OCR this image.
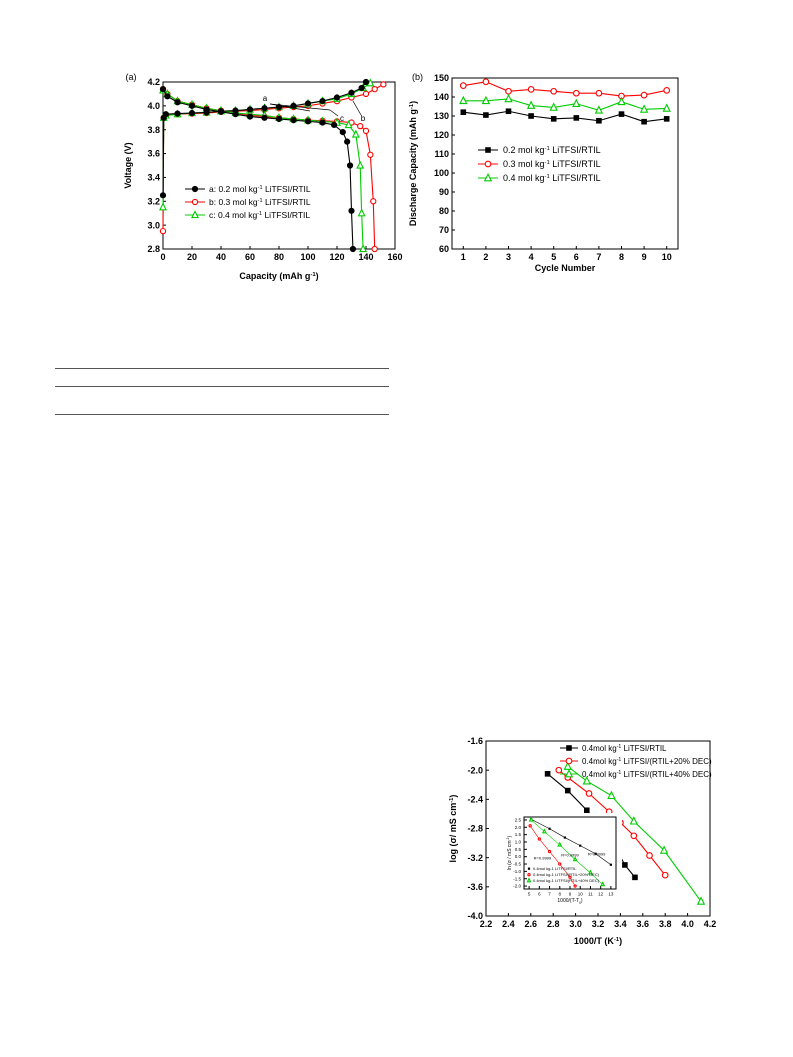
0 20 40 60 80 100 120 140 160
2.8
3.0
3.2
3.4
3.6
3.8
4.0
4.2
(a)
Capacity (mAh $g^{-1}$)
Voltage (V)
a
c b
a: 0.2 mol $kg^{-1}$ LiTFSI/RTIL
b: 0.3 mol $kg^{-1}$ LiTFSI/RTIL
c: 0.4 mol $kg^{-1}$ LiTFSI/RTIL
1 2 3 4 5 6 7 8 9 10
60
70
80
90
100
110
120
130
140
150
(b)
Cycle Number
Discharge Capacity (mAh $g^{-1}$)
0.2 mol $kg^{-1}$ LiTFSI/RTIL
0.3 mol $kg^{-1}$ LiTFSI/RTIL
0.4 mol $kg^{-1}$ LiTFSI/RTIL
2.2 2.4 2.6 2.8 3.0 3.2 3.4 3.6 3.8 4.0 4.2
-1.6
-2.0
-2.4
-2.8
-3.2
-3.6
-4.0
1000/T $(K^{-1})$
log (σ/ mS $cm^{-1}$)
0.4mol $kg^{-1}$ LiTFSI/RTIL
0.4mol $kg^{-1}$ LiTFSI/(RTIL+20% DEC)
0.4mol $kg^{-1}$ LiTFSI/(RTIL+40% DEC)
5 6 7 8 9 10 11 12 13
2.5
2.0
1.5
1.0
0.5
0.0
-0.5
-1.0
-1.5
-2.0
$1000/(T-T_0)$
ln (σ / mS $cm^{-1}$)
R=0.9999
R=0.9999 R=0.9999
0.4mol kg-1 LiTFSI/RTIL
0.4mol kg-1 LiTFSI/(RTIL+20% DEC)
0.4mol kg-1 LiTFSI/(RTIL+40% DEC)
